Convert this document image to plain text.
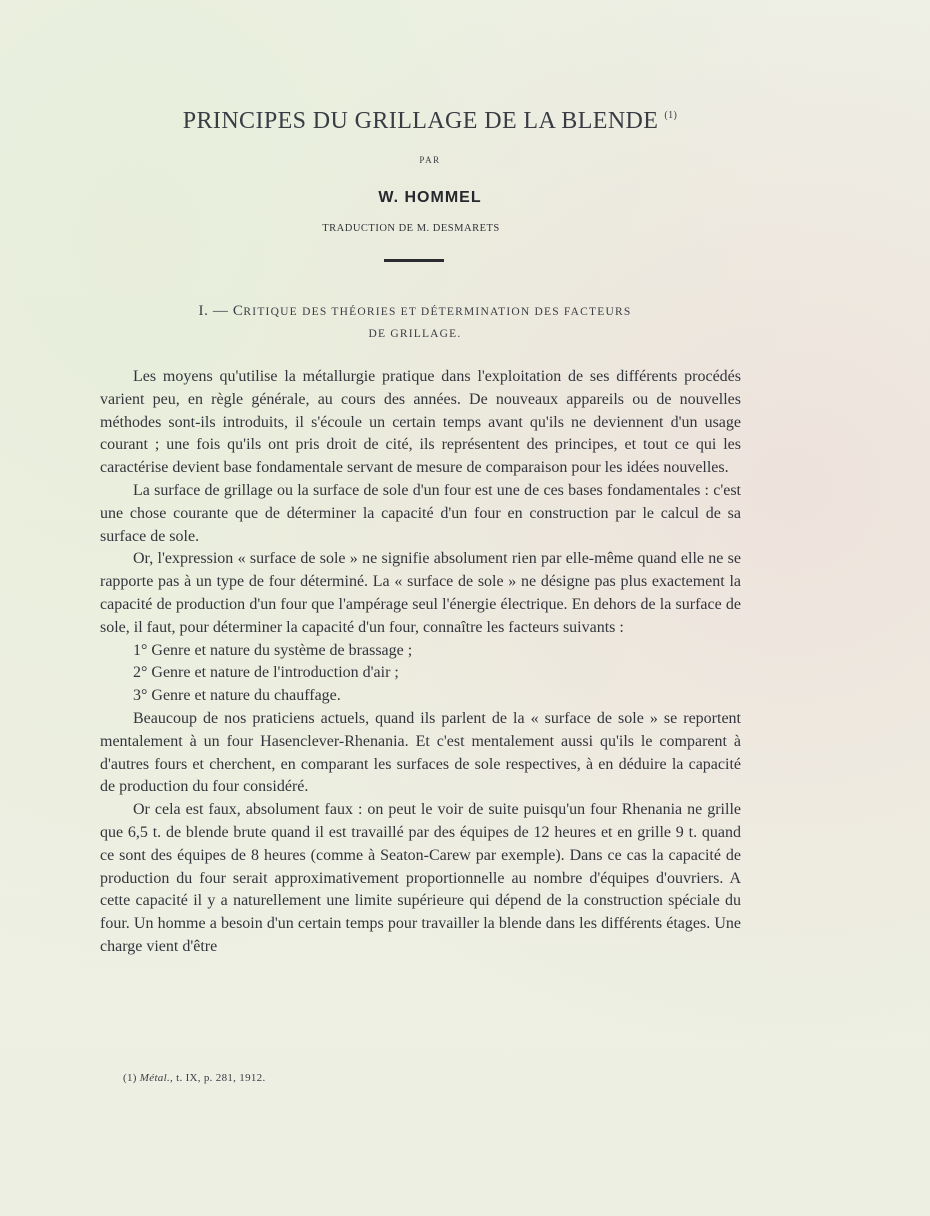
PRINCIPES DU GRILLAGE DE LA BLENDE $^{(1)}$
PAR
W. HOMMEL
TRADUCTION DE M. DESMARETS
I. — CRITIQUE DES THÉORIES ET DÉTERMINATION DES FACTEURS
DE GRILLAGE.

Les moyens qu'utilise la métallurgie pratique dans l'exploitation de ses différents procédés varient peu, en règle générale, au cours des années. De nouveaux appareils ou de nouvelles méthodes sont-ils introduits, il s'écoule un certain temps avant qu'ils ne deviennent d'un usage courant ; une fois qu'ils ont pris droit de cité, ils représentent des principes, et tout ce qui les caractérise devient base fondamentale servant de mesure de comparaison pour les idées nouvelles.

La surface de grillage ou la surface de sole d'un four est une de ces bases fondamentales : c'est une chose courante que de déterminer la capacité d'un four en construction par le calcul de sa surface de sole.

Or, l'expression « surface de sole » ne signifie absolument rien par elle-même quand elle ne se rapporte pas à un type de four déterminé. La « surface de sole » ne désigne pas plus exactement la capacité de production d'un four que l'ampérage seul l'énergie électrique. En dehors de la surface de sole, il faut, pour déterminer la capacité d'un four, connaître les facteurs suivants :

1° Genre et nature du système de brassage ;

2° Genre et nature de l'introduction d'air ;

3° Genre et nature du chauffage.

Beaucoup de nos praticiens actuels, quand ils parlent de la « surface de sole » se reportent mentalement à un four Hasenclever-Rhenania. Et c'est mentalement aussi qu'ils le comparent à d'autres fours et cherchent, en comparant les surfaces de sole respectives, à en déduire la capacité de production du four considéré.

Or cela est faux, absolument faux : on peut le voir de suite puisqu'un four Rhenania ne grille que 6,5 t. de blende brute quand il est travaillé par des équipes de 12 heures et en grille 9 t. quand ce sont des équipes de 8 heures (comme à Seaton-Carew par exemple). Dans ce cas la capacité de production du four serait approximativement proportionnelle au nombre d'équipes d'ouvriers. A cette capacité il y a naturellement une limite supérieure qui dépend de la construction spéciale du four. Un homme a besoin d'un certain temps pour travailler la blende dans les différents étages. Une charge vient d'être

(1) Métal., t. IX, p. 281, 1912.
